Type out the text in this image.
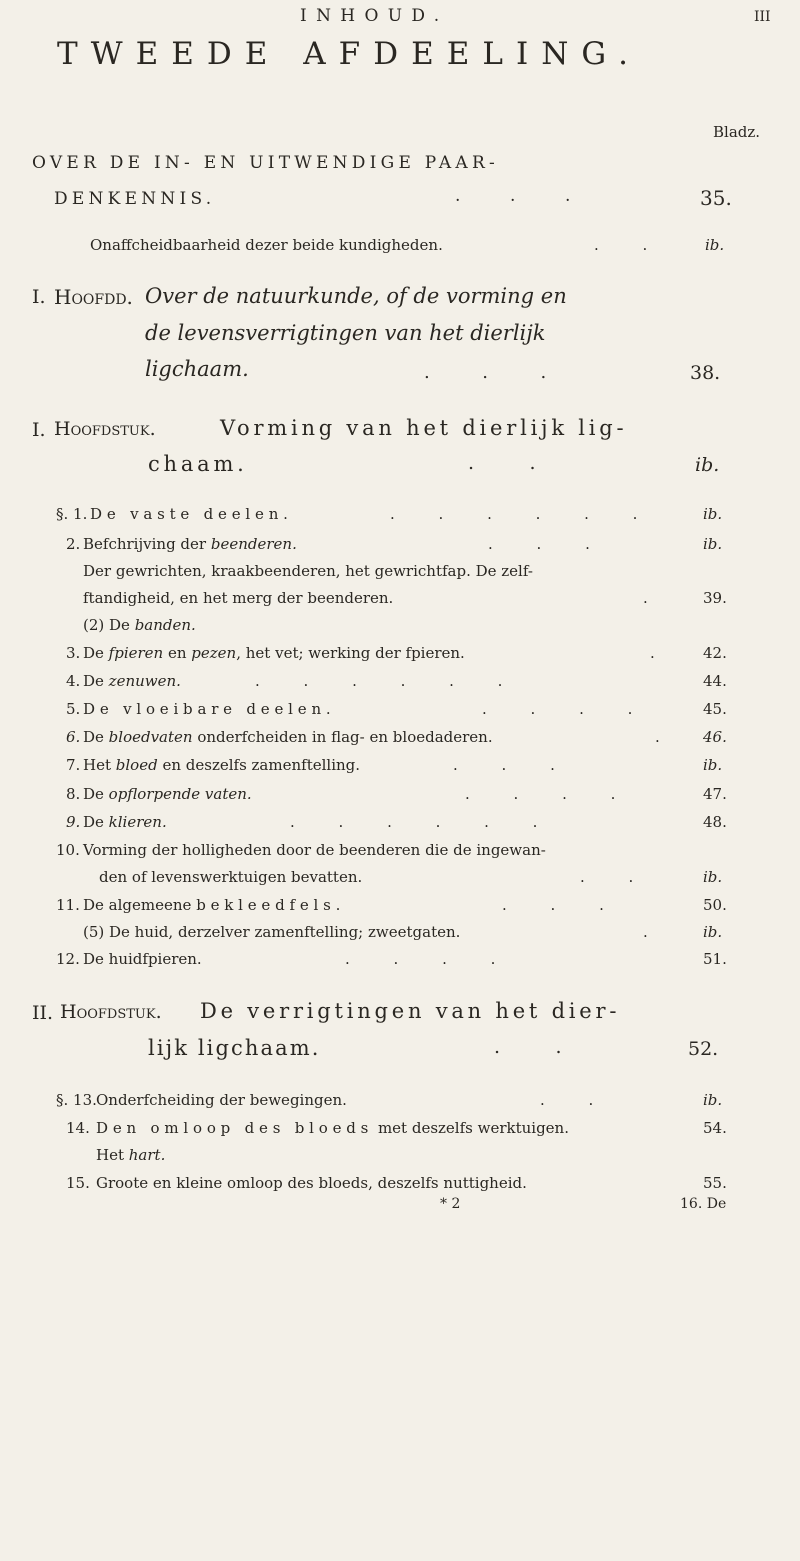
INHOUD.	III
TWEEDE AFDEELING.
Bladz.
OVER DE IN- EN UITWENDIGE PAAR-
DENKENNIS.	. . .	35.
Onaffcheidbaarheid dezer beide kundigheden.	. .	ib.
I. Hoofdd. Over de natuurkunde, of de vorming en
de levensverrigtingen van het dierlijk
ligchaam.	. . .	38.
I. Hoofdstuk.	Vorming van het dierlijk lig-
chaam.	. .	ib.
§. 1. De vaste deelen.	. . . . . .	ib.
2. Befchrijving der beenderen.	. . .	ib.
Der gewrichten, kraakbeenderen, het gewrichtfap. De zelf-
ftandigheid, en het merg der beenderen.	. 39.
(2) De banden.
3. De fpieren en pezen, het vet; werking der fpieren.	. 42.
4. De zenuwen.	. . . . . .	44.
5. De vloeibare deelen.	. . . .	45.
6. De bloedvaten onderfcheiden in flag- en bloedaderen.	. 46.
7. Het bloed en deszelfs zamenftelling.	. . .	ib.
8. De opflorpende vaten.	. . . .	47.
9. De klieren.	. . . . . .	48.
10. Vorming der holligheden door de beenderen die de ingewan-
den of levenswerktuigen bevatten.	. .	ib.
11. De algemeene bekleedfels.	. . .	50.
(5) De huid, derzelver zamenftelling; zweetgaten.	. ib.
12. De huidfpieren.	. . . .	51.
II. Hoofdstuk. De verrigtingen van het dier-
lijk ligchaam.	. .	52.
§. 13. Onderfcheiding der bewegingen.	. .	ib.
14. Den omloop des bloeds met deszelfs werktuigen.	54.
Het hart.
15. Groote en kleine omloop des bloeds, deszelfs nuttigheid.	55.
* 2	16. De
